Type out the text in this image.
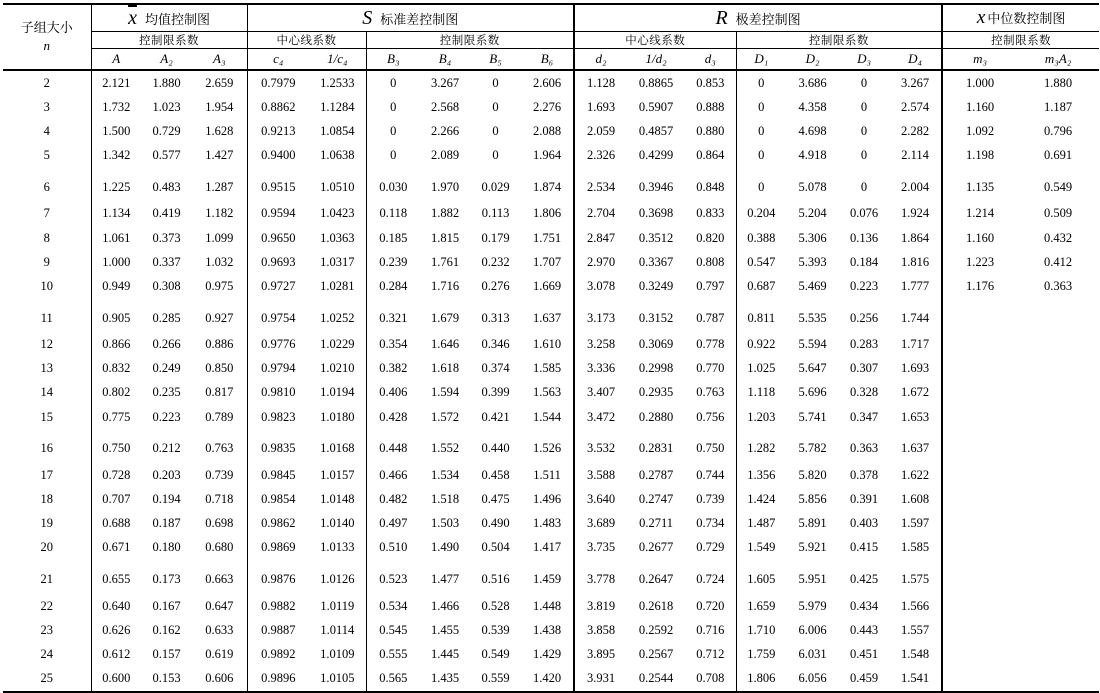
子组大小
n	$\overline{x}$ 均值控制图			S 标准差控制图						R 极差控制图							~ x 中位数控制图
	控制限系数			中心线系数		控制限系数				中心线系数			控制限系数				控制限系数	
	A	A₂	A₃	c₄	1/c₄	B₃	B₄	B₅	B₆	d₂	1/d₂	d₃	D₁	D₂	D₃	D₄	m₃	m₃A₂
2	2.121	1.880	2.659	0.7979	1.2533	0	3.267	0	2.606	1.128	0.8865	0.853	0	3.686	0	3.267	1.000	1.880
3	1.732	1.023	1.954	0.8862	1.1284	0	2.568	0	2.276	1.693	0.5907	0.888	0	4.358	0	2.574	1.160	1.187
4	1.500	0.729	1.628	0.9213	1.0854	0	2.266	0	2.088	2.059	0.4857	0.880	0	4.698	0	2.282	1.092	0.796
5	1.342	0.577	1.427	0.9400	1.0638	0	2.089	0	1.964	2.326	0.4299	0.864	0	4.918	0	2.114	1.198	0.691
6	1.225	0.483	1.287	0.9515	1.0510	0.030	1.970	0.029	1.874	2.534	0.3946	0.848	0	5.078	0	2.004	1.135	0.549
7	1.134	0.419	1.182	0.9594	1.0423	0.118	1.882	0.113	1.806	2.704	0.3698	0.833	0.204	5.204	0.076	1.924	1.214	0.509
8	1.061	0.373	1.099	0.9650	1.0363	0.185	1.815	0.179	1.751	2.847	0.3512	0.820	0.388	5.306	0.136	1.864	1.160	0.432
9	1.000	0.337	1.032	0.9693	1.0317	0.239	1.761	0.232	1.707	2.970	0.3367	0.808	0.547	5.393	0.184	1.816	1.223	0.412
10	0.949	0.308	0.975	0.9727	1.0281	0.284	1.716	0.276	1.669	3.078	0.3249	0.797	0.687	5.469	0.223	1.777	1.176	0.363
11	0.905	0.285	0.927	0.9754	1.0252	0.321	1.679	0.313	1.637	3.173	0.3152	0.787	0.811	5.535	0.256	1.744		
12	0.866	0.266	0.886	0.9776	1.0229	0.354	1.646	0.346	1.610	3.258	0.3069	0.778	0.922	5.594	0.283	1.717		
13	0.832	0.249	0.850	0.9794	1.0210	0.382	1.618	0.374	1.585	3.336	0.2998	0.770	1.025	5.647	0.307	1.693		
14	0.802	0.235	0.817	0.9810	1.0194	0.406	1.594	0.399	1.563	3.407	0.2935	0.763	1.118	5.696	0.328	1.672		
15	0.775	0.223	0.789	0.9823	1.0180	0.428	1.572	0.421	1.544	3.472	0.2880	0.756	1.203	5.741	0.347	1.653		
16	0.750	0.212	0.763	0.9835	1.0168	0.448	1.552	0.440	1.526	3.532	0.2831	0.750	1.282	5.782	0.363	1.637		
17	0.728	0.203	0.739	0.9845	1.0157	0.466	1.534	0.458	1.511	3.588	0.2787	0.744	1.356	5.820	0.378	1.622		
18	0.707	0.194	0.718	0.9854	1.0148	0.482	1.518	0.475	1.496	3.640	0.2747	0.739	1.424	5.856	0.391	1.608		
19	0.688	0.187	0.698	0.9862	1.0140	0.497	1.503	0.490	1.483	3.689	0.2711	0.734	1.487	5.891	0.403	1.597		
20	0.671	0.180	0.680	0.9869	1.0133	0.510	1.490	0.504	1.417	3.735	0.2677	0.729	1.549	5.921	0.415	1.585		
21	0.655	0.173	0.663	0.9876	1.0126	0.523	1.477	0.516	1.459	3.778	0.2647	0.724	1.605	5.951	0.425	1.575		
22	0.640	0.167	0.647	0.9882	1.0119	0.534	1.466	0.528	1.448	3.819	0.2618	0.720	1.659	5.979	0.434	1.566		
23	0.626	0.162	0.633	0.9887	1.0114	0.545	1.455	0.539	1.438	3.858	0.2592	0.716	1.710	6.006	0.443	1.557		
24	0.612	0.157	0.619	0.9892	1.0109	0.555	1.445	0.549	1.429	3.895	0.2567	0.712	1.759	6.031	0.451	1.548		
25	0.600	0.153	0.606	0.9896	1.0105	0.565	1.435	0.559	1.420	3.931	0.2544	0.708	1.806	6.056	0.459	1.541		
